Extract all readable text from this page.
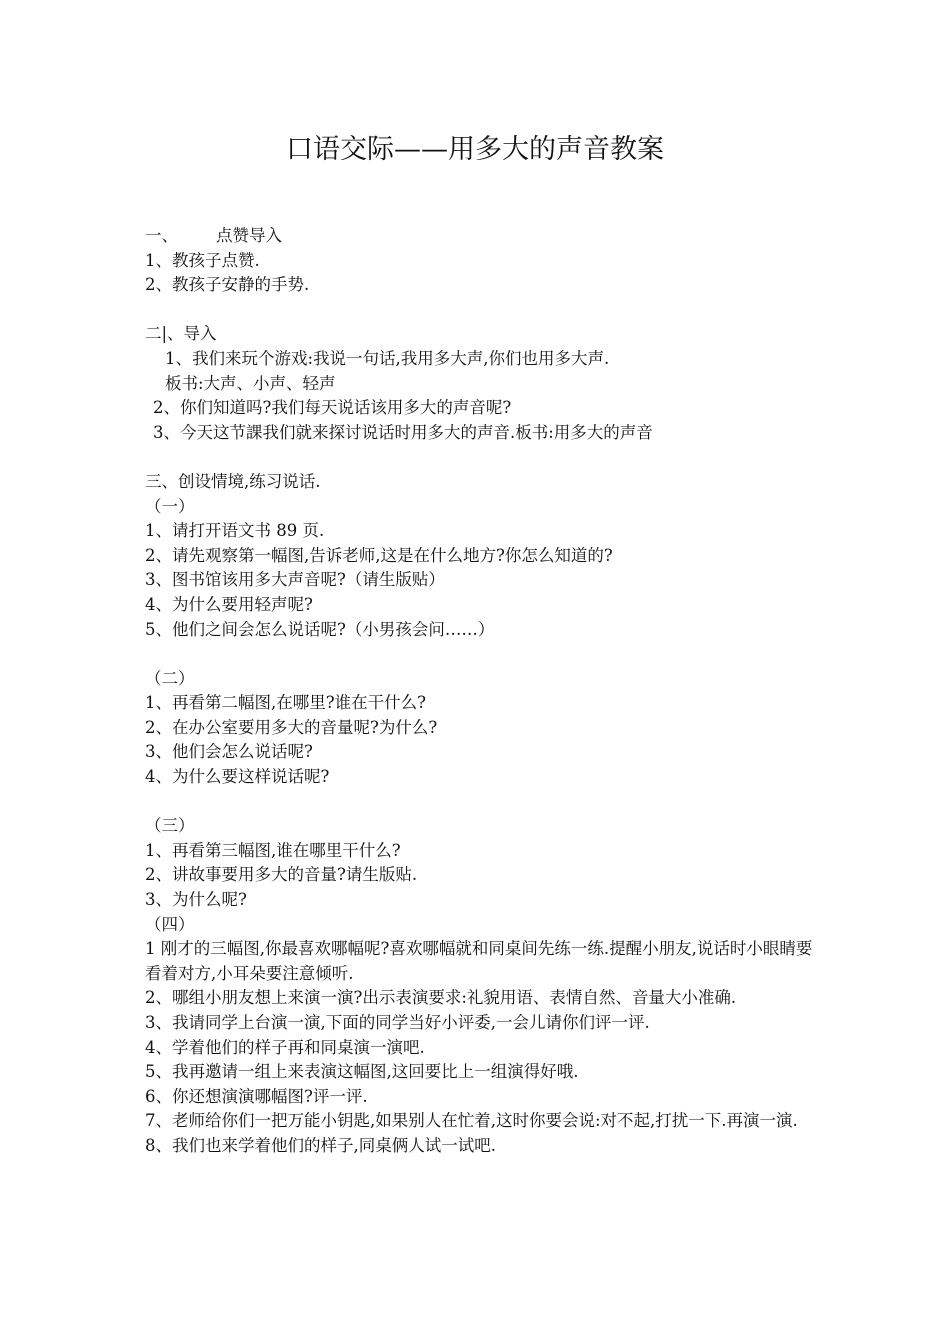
口语交际——用多大的声音教案
一、 点赞导入
1、教孩子点赞.
2、教孩子安静的手势.
二|、导入
1、我们来玩个游戏:我说一句话,我用多大声,你们也用多大声.
板书:大声、小声、轻声
2、你们知道吗?我们每天说话该用多大的声音呢?
3、今天这节課我们就来探讨说话时用多大的声音.板书:用多大的声音
三、创设情境,练习说话.
（一）
1、请打开语文书 89 页.
2、请先观察第一幅图,告诉老师,这是在什么地方?你怎么知道的?
3、图书馆该用多大声音呢?（请生版贴）
4、为什么要用轻声呢?
5、他们之间会怎么说话呢?（小男孩会问……）
（二）
1、再看第二幅图,在哪里?谁在干什么?
2、在办公室要用多大的音量呢?为什么?
3、他们会怎么说话呢?
4、为什么要这样说话呢?
（三）
1、再看第三幅图,谁在哪里干什么?
2、讲故事要用多大的音量?请生版贴.
3、为什么呢?
（四）
1 刚才的三幅图,你最喜欢哪幅呢?喜欢哪幅就和同桌间先练一练.提醒小朋友,说话时小眼睛要看着对方,小耳朵要注意倾听.
2、哪组小朋友想上来演一演?出示表演要求:礼貌用语、表情自然、音量大小准确.
3、我请同学上台演一演,下面的同学当好小评委,一会儿请你们评一评.
4、学着他们的样子再和同桌演一演吧.
5、我再邀请一组上来表演这幅图,这回要比上一组演得好哦.
6、你还想演演哪幅图?评一评.
7、老师给你们一把万能小钥匙,如果别人在忙着,这时你要会说:对不起,打扰一下.再演一演.
8、我们也来学着他们的样子,同桌俩人试一试吧.
